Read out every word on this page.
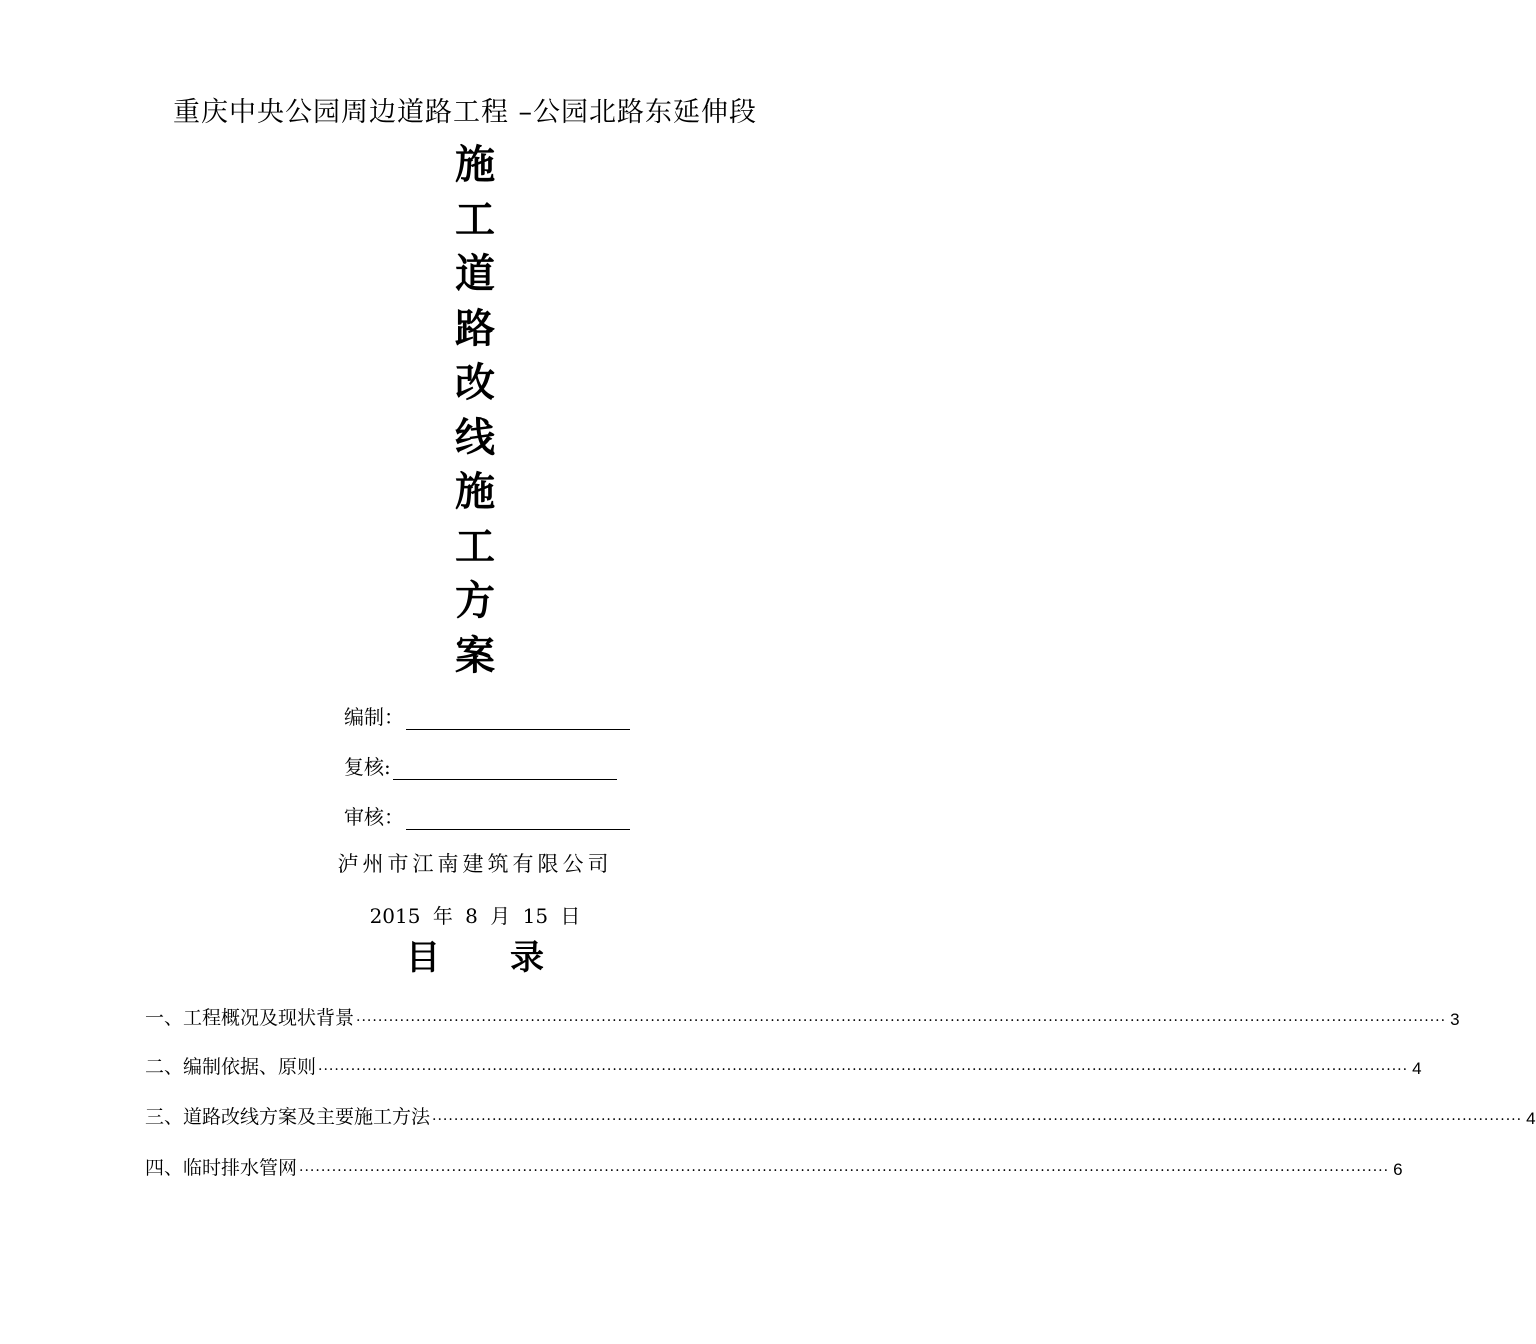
重庆中央公园周边道路工程 –公园北路东延伸段
施
工
道
路
改
线
施
工
方
案
编制：
复核:
审核：
泸州市江南建筑有限公司
2015 年 8 月 15 日
目 录
一、工程概况及现状背景 ........................................................................................................................................................................................................ 3
二、编制依据、原则 ........................................................................................................................................................................................................ 4
三、道路改线方案及主要施工方法 ........................................................................................................................................................................................................ 4
四、临时排水管网 ........................................................................................................................................................................................................ 6
